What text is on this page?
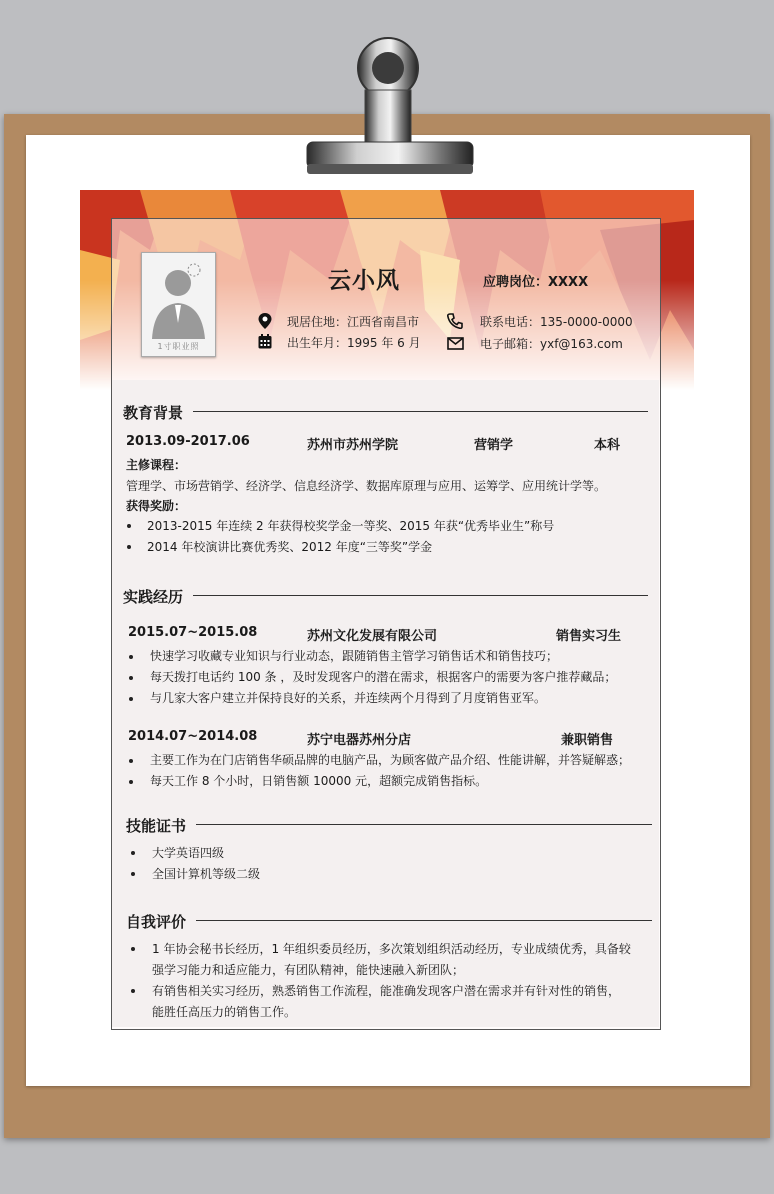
1寸职业照
云小风	应聘岗位：XXXX
现居住地：江西省南昌市
出生年月：1995 年 6 月
联系电话：135-0000-0000
电子邮箱：yxf@163.com
教育背景
2013.09-2017.06	苏州市苏州学院	营销学	本科
主修课程：
管理学、市场营销学、经济学、信息经济学、数据库原理与应用、运筹学、应用统计学等。
获得奖励：
2013-2015 年连续 2 年获得校奖学金一等奖、2015 年获“优秀毕业生”称号
2014 年校演讲比赛优秀奖、2012 年度“三等奖”学金
实践经历
2015.07~2015.08	苏州文化发展有限公司	销售实习生
快速学习收藏专业知识与行业动态，跟随销售主管学习销售话术和销售技巧；
每天拨打电话约 100 条 ，及时发现客户的潜在需求，根据客户的需要为客户推荐藏品；
与几家大客户建立并保持良好的关系，并连续两个月得到了月度销售亚军。
2014.07~2014.08	苏宁电器苏州分店	兼职销售
主要工作为在门店销售华硕品牌的电脑产品，为顾客做产品介绍、性能讲解，并答疑解惑；
每天工作 8 个小时，日销售额 10000 元，超额完成销售指标。
技能证书
大学英语四级
全国计算机等级二级
自我评价
1 年协会秘书长经历，1 年组织委员经历，多次策划组织活动经历，专业成绩优秀，具备较
强学习能力和适应能力，有团队精神，能快速融入新团队；
有销售相关实习经历，熟悉销售工作流程，能准确发现客户潜在需求并有针对性的销售，
能胜任高压力的销售工作。
